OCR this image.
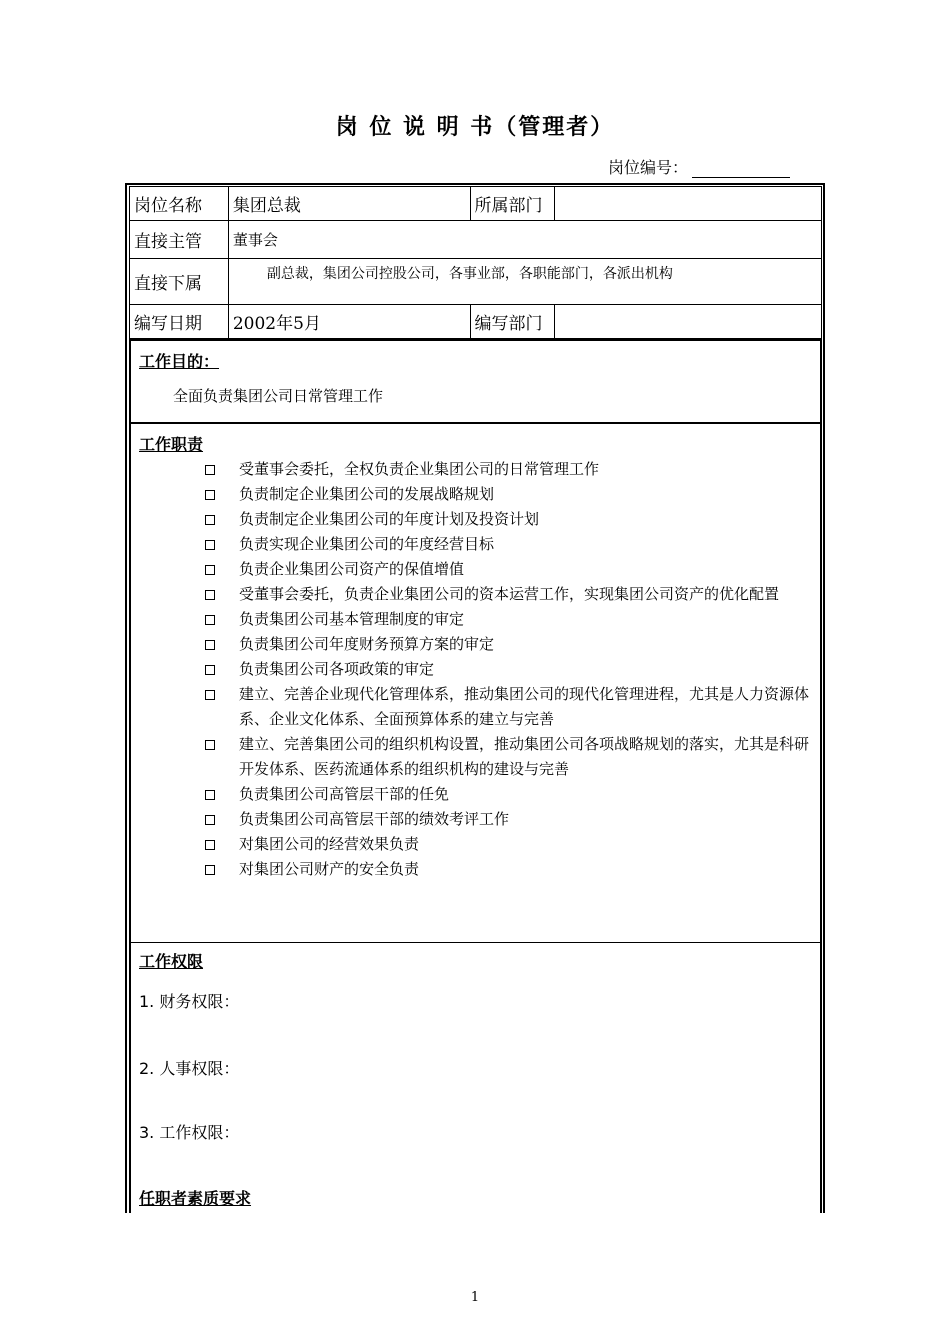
岗 位 说 明 书（管理者）
岗位编号：
岗位名称	集团总裁	所属部门	
直接主管	董事会		
直接下属	副总裁，集团公司控股公司，各事业部，各职能部门，各派出机构		
编写日期	2002年5月	编写部门	
工作目的：
全面负责集团公司日常管理工作
工作职责
受董事会委托，全权负责企业集团公司的日常管理工作
负责制定企业集团公司的发展战略规划
负责制定企业集团公司的年度计划及投资计划
负责实现企业集团公司的年度经营目标
负责企业集团公司资产的保值增值
受董事会委托，负责企业集团公司的资本运营工作，实现集团公司资产的优化配置
负责集团公司基本管理制度的审定
负责集团公司年度财务预算方案的审定
负责集团公司各项政策的审定
建立、完善企业现代化管理体系，推动集团公司的现代化管理进程，尤其是人力资源体系、企业文化体系、全面预算体系的建立与完善
建立、完善集团公司的组织机构设置，推动集团公司各项战略规划的落实，尤其是科研开发体系、医药流通体系的组织机构的建设与完善
负责集团公司高管层干部的任免
负责集团公司高管层干部的绩效考评工作
对集团公司的经营效果负责
对集团公司财产的安全负责
工作权限
1. 财务权限：
2. 人事权限：
3. 工作权限：
任职者素质要求
1
